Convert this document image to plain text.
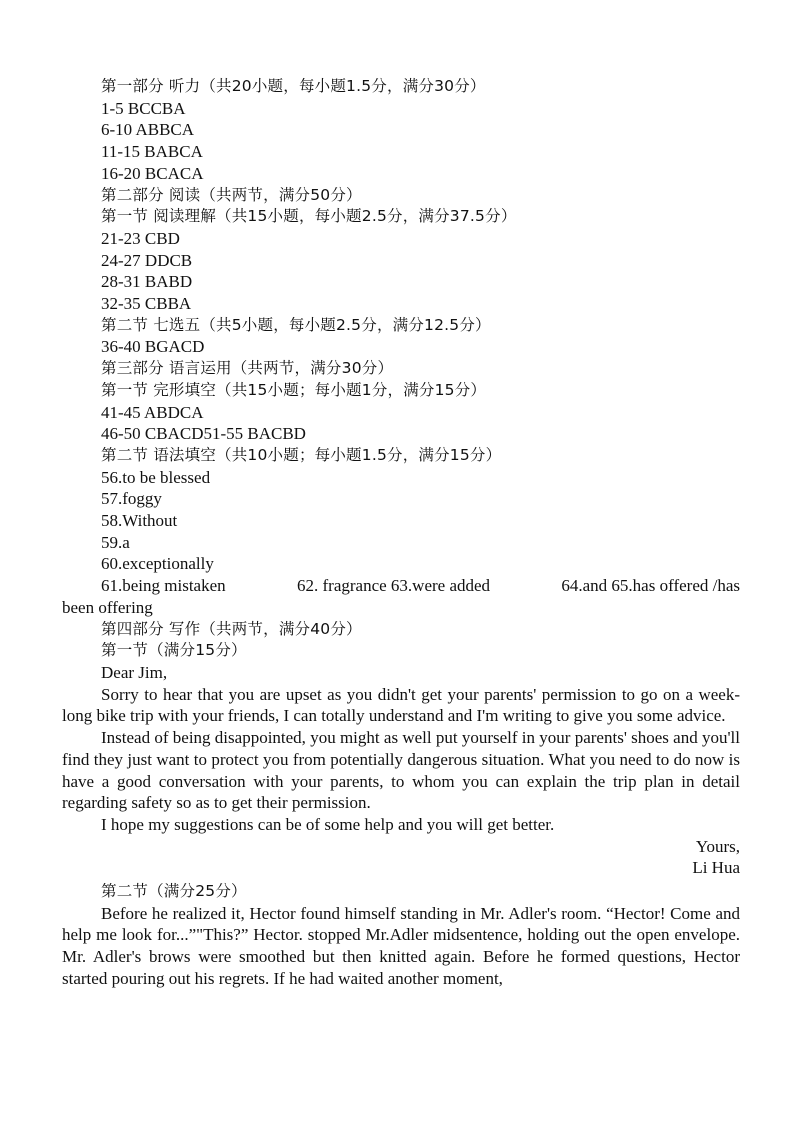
第一部分 听力（共20小题，每小题1.5分，满分30分）
1-5 BCCBA
6-10 ABBCA
11-15 BABCA
16-20 BCACA
第二部分 阅读（共两节，满分50分）
第一节 阅读理解（共15小题，每小题2.5分，满分37.5分）
21-23 CBD
24-27 DDCB
28-31 BABD
32-35 CBBA
第二节 七选五（共5小题，每小题2.5分，满分12.5分）
36-40 BGACD
第三部分 语言运用（共两节，满分30分）
第一节 完形填空（共15小题；每小题1分，满分15分）
41-45 ABDCA
46-50 CBACD51-55 BACBD
第二节 语法填空（共10小题；每小题1.5分，满分15分）
56.to be blessed
57.foggy
58.Without
59.a
60.exceptionally
61.being mistaken	62. fragrance 63.were added	64.and 65.has offered /has
been offering
第四部分 写作（共两节，满分40分）
第一节（满分15分）
Dear Jim,

Sorry to hear that you are upset as you didn't get your parents' permission to go on a week-long bike trip with your friends, I can totally understand and I'm writing to give you some advice.

Instead of being disappointed, you might as well put yourself in your parents' shoes and you'll find they just want to protect you from potentially dangerous situation. What you need to do now is have a good conversation with your parents, to whom you can explain the trip plan in detail regarding safety so as to get their permission.

I hope my suggestions can be of some help and you will get better.

Yours,
Li Hua
第二节（满分25分）

Before he realized it, Hector found himself standing in Mr. Adler's room. “Hector! Come and help me look for...”"This?” Hector. stopped Mr.Adler midsentence, holding out the open envelope. Mr. Adler's brows were smoothed but then knitted again. Before he formed questions, Hector started pouring out his regrets. If he had waited another moment,
